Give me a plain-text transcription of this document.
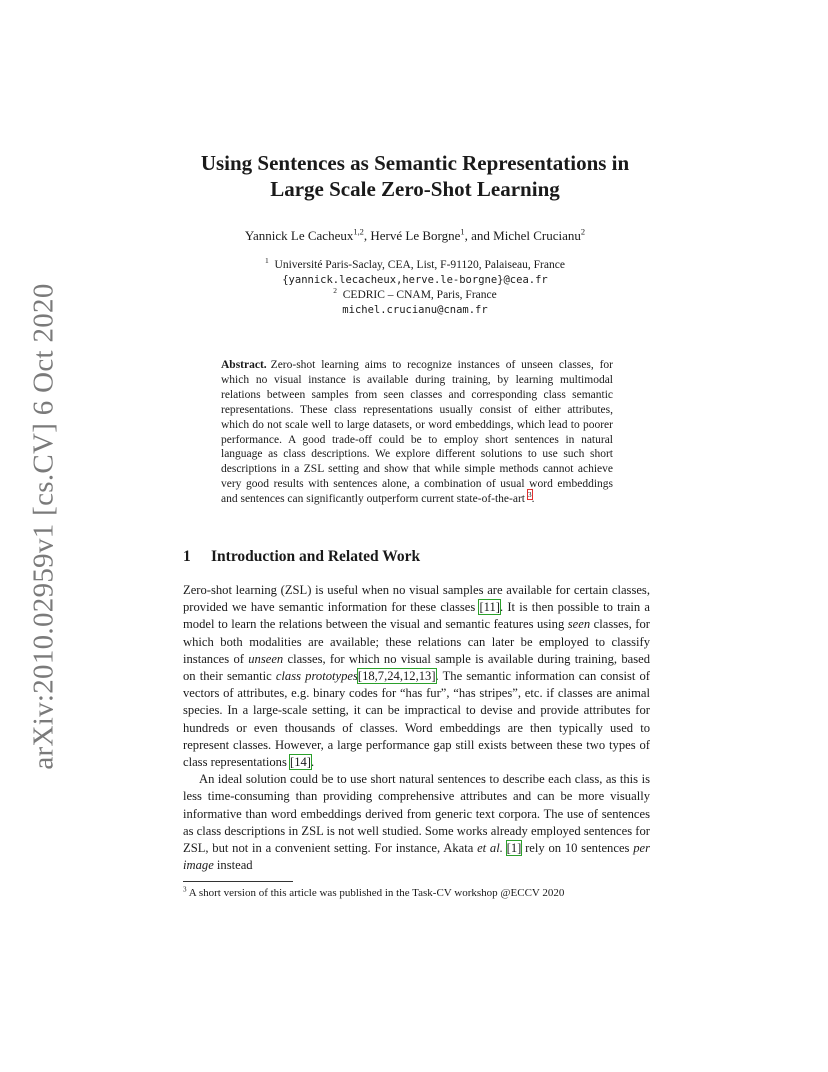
arXiv:2010.02959v1 [cs.CV] 6 Oct 2020
Using Sentences as Semantic Representations in
Large Scale Zero-Shot Learning
Yannick Le Cacheux$^{1,2}$, Hervé Le Borgne$^1$, and Michel Crucianu$^2$
$^1$ Université Paris-Saclay, CEA, List, F-91120, Palaiseau, France
{yannick.lecacheux,herve.le-borgne}@cea.fr
$^2$ CEDRIC – CNAM, Paris, France
michel.crucianu@cnam.fr
Abstract. Zero-shot learning aims to recognize instances of unseen classes, for which no visual instance is available during training, by learning multimodal relations between samples from seen classes and corresponding class semantic representations. These class representations usually consist of either attributes, which do not scale well to large datasets, or word embeddings, which lead to poorer performance. A good trade-off could be to employ short sentences in natural language as class descriptions. We explore different solutions to use such short descriptions in a ZSL setting and show that while simple methods cannot achieve very good results with sentences alone, a combination of usual word embeddings and sentences can significantly outperform current state-of-the-art $^3$.
1 Introduction and Related Work

Zero-shot learning (ZSL) is useful when no visual samples are available for certain classes, provided we have semantic information for these classes [11]. It is then possible to train a model to learn the relations between the visual and semantic features using seen classes, for which both modalities are available; these relations can later be employed to classify instances of unseen classes, for which no visual sample is available during training, based on their semantic class prototypes[18,7,24,12,13]. The semantic information can consist of vectors of attributes, e.g. binary codes for “has fur”, “has stripes”, etc. if classes are animal species. In a large-scale setting, it can be impractical to devise and provide attributes for hundreds or even thousands of classes. Word embeddings are then typically used to represent classes. However, a large performance gap still exists between these two types of class representations [14].

An ideal solution could be to use short natural sentences to describe each class, as this is less time-consuming than providing comprehensive attributes and can be more visually informative than word embeddings derived from generic text corpora. The use of sentences as class descriptions in ZSL is not well studied. Some works already employed sentences for ZSL, but not in a convenient setting. For instance, Akata et al. [1] rely on 10 sentences per image instead

$^3$ A short version of this article was published in the Task-CV workshop @ECCV 2020
